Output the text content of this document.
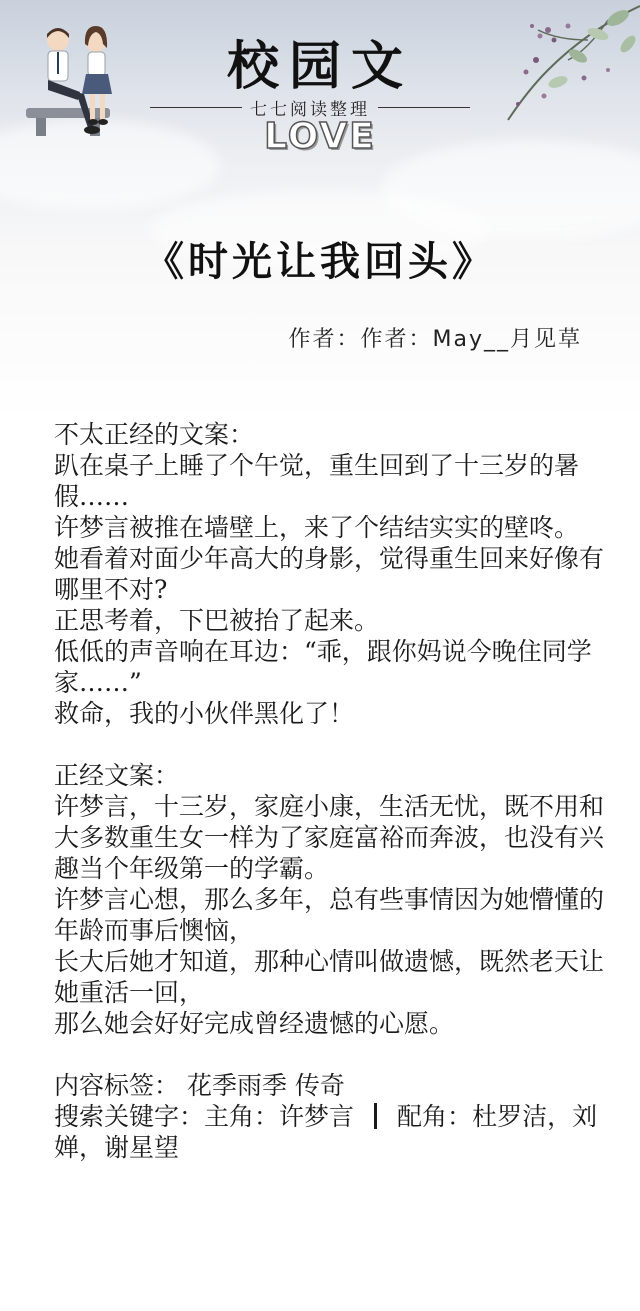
校园文
七七阅读整理
LOVE
《时光让我回头》
作者：作者：May__月见草

不太正经的文案：

趴在桌子上睡了个午觉，重生回到了十三岁的暑假……

许梦言被推在墙壁上，来了个结结实实的壁咚。

她看着对面少年高大的身影，觉得重生回来好像有哪里不对?

正思考着，下巴被抬了起来。

低低的声音响在耳边：“乖，跟你妈说今晚住同学家……”

救命，我的小伙伴黑化了！

正经文案：

许梦言，十三岁，家庭小康，生活无忧，既不用和大多数重生女一样为了家庭富裕而奔波，也没有兴趣当个年级第一的学霸。

许梦言心想，那么多年，总有些事情因为她懵懂的年龄而事后懊恼，

长大后她才知道，那种心情叫做遗憾，既然老天让她重活一回，

那么她会好好完成曾经遗憾的心愿。

内容标签： 花季雨季 传奇

搜索关键字：主角：许梦言 配角：杜罗洁，刘婵，谢星望
